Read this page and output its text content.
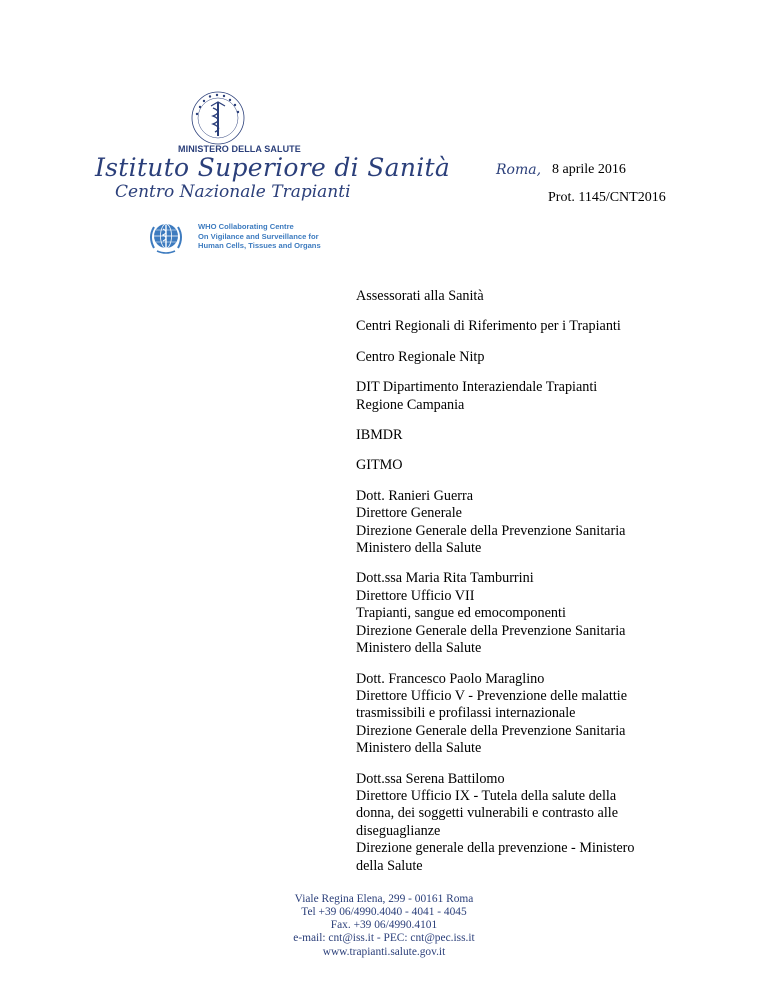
MINISTERO DELLA SALUTE
Istituto Superiore di Sanità
Centro Nazionale Trapianti
WHO Collaborating Centre
On Vigilance and Surveillance for
Human Cells, Tissues and Organs
Roma, 8 aprile 2016
Prot. 1145/CNT2016
Assessorati alla Sanità
Centri Regionali di Riferimento per i Trapianti
Centro Regionale Nitp
DIT Dipartimento Interaziendale Trapianti
Regione Campania
IBMDR
GITMO
Dott. Ranieri Guerra
Direttore Generale
Direzione Generale della Prevenzione Sanitaria
Ministero della Salute
Dott.ssa Maria Rita Tamburrini
Direttore Ufficio VII
Trapianti, sangue ed emocomponenti
Direzione Generale della Prevenzione Sanitaria
Ministero della Salute
Dott. Francesco Paolo Maraglino
Direttore Ufficio V - Prevenzione delle malattie
trasmissibili e profilassi internazionale
Direzione Generale della Prevenzione Sanitaria
Ministero della Salute
Dott.ssa Serena Battilomo
Direttore Ufficio IX - Tutela della salute della
donna, dei soggetti vulnerabili e contrasto alle
diseguaglianze
Direzione generale della prevenzione - Ministero
della Salute
Viale Regina Elena, 299 - 00161 Roma
Tel +39 06/4990.4040 - 4041 - 4045
Fax. +39 06/4990.4101
e-mail: cnt@iss.it - PEC: cnt@pec.iss.it
www.trapianti.salute.gov.it
